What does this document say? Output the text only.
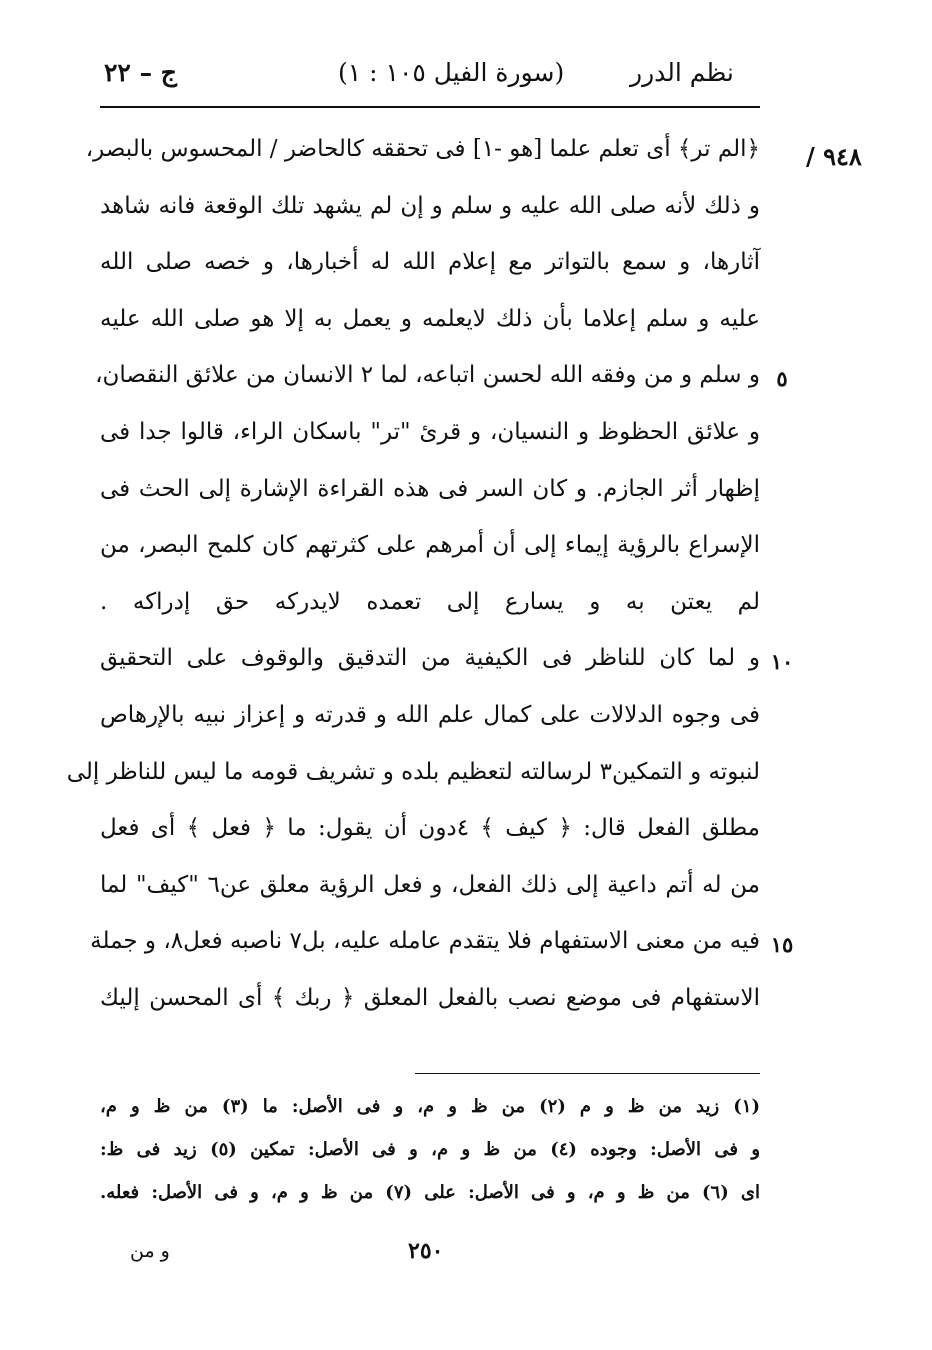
نظم الدرر
(سورة الفيل ١٠٥ : ١)
ج – ٢٢
٩٤٨ /
﴿الم تر﴾ أى تعلم علما [هو -١] فى تحققه كالحاضر / المحسوس بالبصر،
و ذلك لأنه صلى الله عليه و سلم و إن لم يشهد تلك الوقعة فانه شاهد
آثارها، و سمع بالتواتر مع إعلام الله له أخبارها، و خصه صلى الله
عليه و سلم إعلاما بأن ذلك لايعلمه و يعمل به إلا هو صلى الله عليه
و سلم و من وفقه الله لحسن اتباعه، لما ٢ الانسان من علائق النقصان، ٥
و علائق الحظوظ و النسيان، و قرئ "تر" باسكان الراء، قالوا جدا فى
إظهار أثر الجازم. و كان السر فى هذه القراءة الإشارة إلى الحث فى
الإسراع بالرؤية إيماء إلى أن أمرهم على كثرتهم كان كلمح البصر، من
لم يعتن به و يسارع إلى تعمده لايدركه حق إدراكه .
و لما كان للناظر فى الكيفية من التدقيق والوقوف على التحقيق ١٠
فى وجوه الدلالات على كمال علم الله و قدرته و إعزاز نبيه بالإرهاص
لنبوته و التمكين٣ لرسالته لتعظيم بلده و تشريف قومه ما ليس للناظر إلى
مطلق الفعل قال: ﴿ كيف ﴾ ٤دون أن يقول: ما ﴿ فعل ﴾ أى فعل
من له أتم داعية إلى ذلك الفعل، و فعل الرؤية معلق عن٦ "كيف" لما
فيه من معنى الاستفهام فلا يتقدم عامله عليه، بل٧ ناصبه فعل٨، و جملة ١٥
الاستفهام فى موضع نصب بالفعل المعلق ﴿ ربك ﴾ أى المحسن إليك
(١) زيد من ظ و م (٢) من ظ و م، و فى الأصل: ما (٣) من ظ و م،
و فى الأصل: وجوده (٤) من ظ و م، و فى الأصل: تمكين (٥) زيد فى ظ:
اى (٦) من ظ و م، و فى الأصل: على (٧) من ظ و م، و فى الأصل: فعله.
٢٥٠
و من
